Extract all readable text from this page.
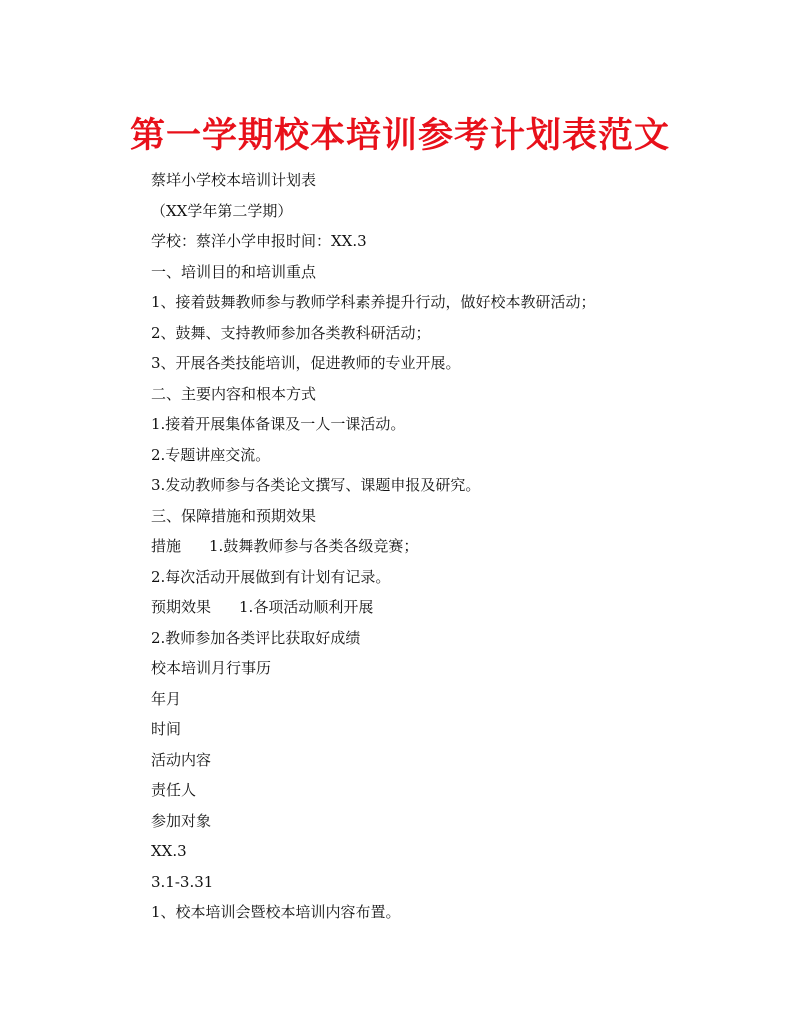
第一学期校本培训参考计划表范文
蔡垟小学校本培训计划表
（XX学年第二学期）
学校：蔡洋小学申报时间：XX.3
一、培训目的和培训重点
1、接着鼓舞教师参与教师学科素养提升行动，做好校本教研活动；
2、鼓舞、支持教师参加各类教科研活动；
3、开展各类技能培训，促进教师的专业开展。
二、主要内容和根本方式
1.接着开展集体备课及一人一课活动。
2.专题讲座交流。
3.发动教师参与各类论文撰写、课题申报及研究。
三、保障措施和预期效果
措施 1.鼓舞教师参与各类各级竞赛；
2.每次活动开展做到有计划有记录。
预期效果 1.各项活动顺利开展
2.教师参加各类评比获取好成绩
校本培训月行事历
年月
时间
活动内容
责任人
参加对象
XX.3
3.1-3.31
1、校本培训会暨校本培训内容布置。
